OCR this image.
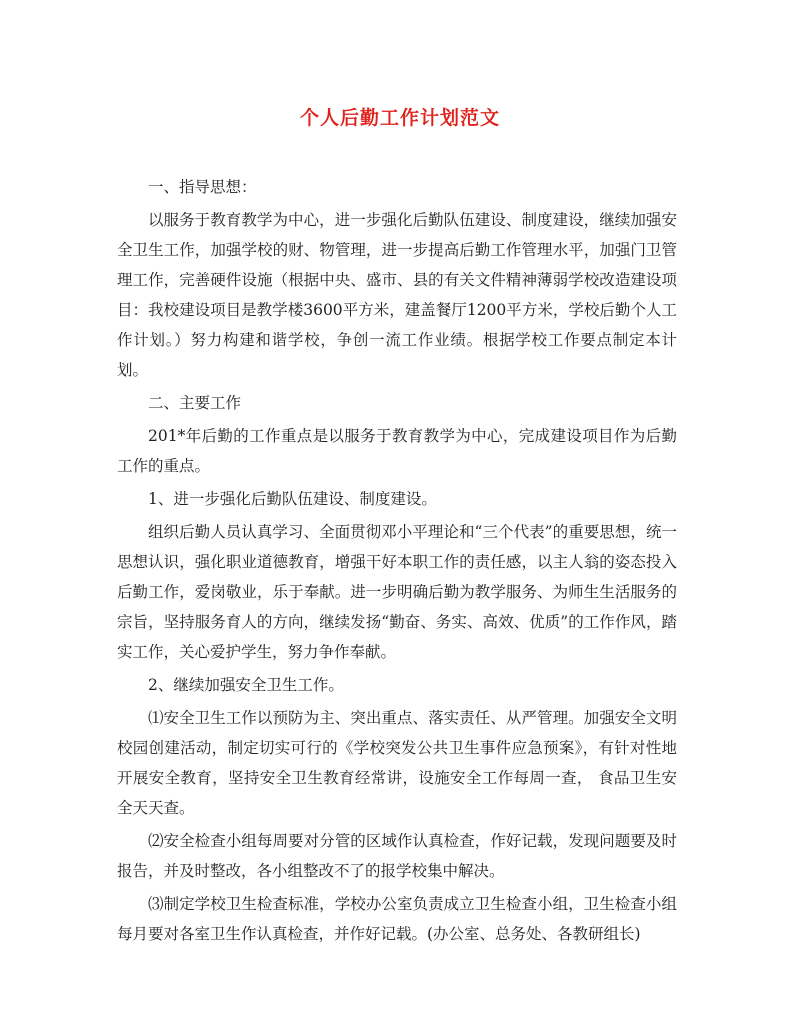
个人后勤工作计划范文

一、指导思想：

以服务于教育教学为中心，进一步强化后勤队伍建设、制度建设，继续加强安全卫生工作，加强学校的财、物管理，进一步提高后勤工作管理水平，加强门卫管理工作，完善硬件设施（根据中央、盛市、县的有关文件精神薄弱学校改造建设项目：我校建设项目是教学楼3600平方米，建盖餐厅1200平方米，学校后勤个人工作计划。）努力构建和谐学校，争创一流工作业绩。根据学校工作要点制定本计划。

二、主要工作

201*年后勤的工作重点是以服务于教育教学为中心，完成建设项目作为后勤工作的重点。

1、进一步强化后勤队伍建设、制度建设。

组织后勤人员认真学习、全面贯彻邓小平理论和“三个代表”的重要思想，统一思想认识，强化职业道德教育，增强干好本职工作的责任感，以主人翁的姿态投入后勤工作，爱岗敬业，乐于奉献。进一步明确后勤为教学服务、为师生生活服务的宗旨，坚持服务育人的方向，继续发扬“勤奋、务实、高效、优质”的工作作风，踏实工作，关心爱护学生，努力争作奉献。

2、继续加强安全卫生工作。

⑴安全卫生工作以预防为主、突出重点、落实责任、从严管理。加强安全文明校园创建活动，制定切实可行的《学校突发公共卫生事件应急预案》，有针对性地开展安全教育，坚持安全卫生教育经常讲，设施安全工作每周一查， 食品卫生安全天天查。

⑵安全检查小组每周要对分管的区域作认真检查，作好记载，发现问题要及时报告，并及时整改，各小组整改不了的报学校集中解决。

⑶制定学校卫生检查标准，学校办公室负责成立卫生检查小组，卫生检查小组每月要对各室卫生作认真检查，并作好记载。(办公室、总务处、各教研组长)
